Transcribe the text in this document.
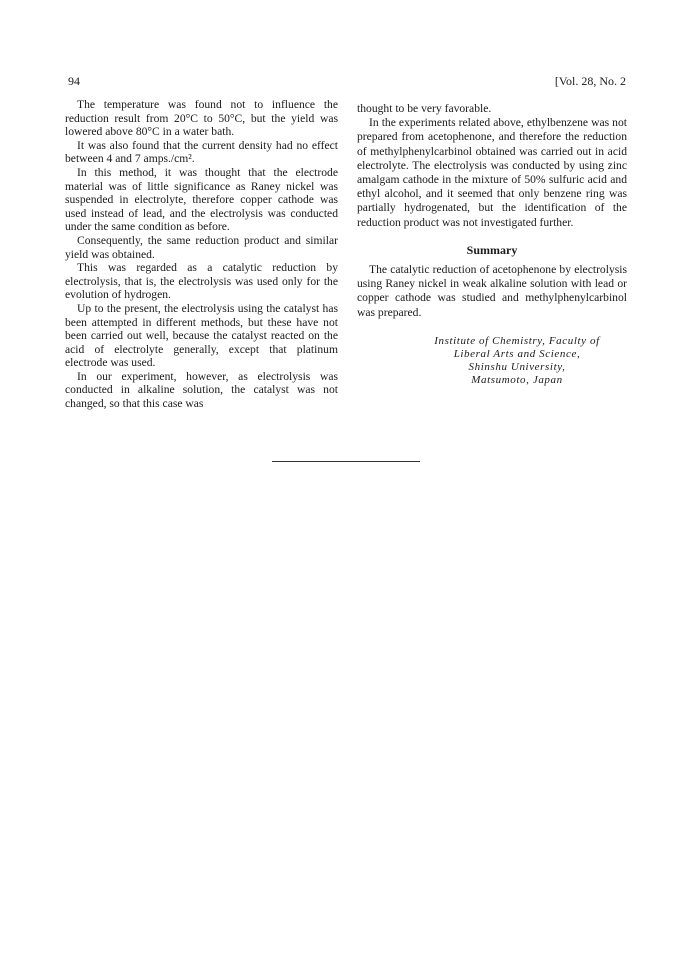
94	[Vol. 28, No. 2

The temperature was found not to influence the reduction result from 20°C to 50°C, but the yield was lowered above 80°C in a water bath.

It was also found that the current density had no effect between 4 and 7 amps./cm².

In this method, it was thought that the electrode material was of little significance as Raney nickel was suspended in electrolyte, therefore copper cathode was used instead of lead, and the electrolysis was conducted under the same condition as before.

Consequently, the same reduction product and similar yield was obtained.

This was regarded as a catalytic reduction by electrolysis, that is, the electrolysis was used only for the evolution of hydrogen.

Up to the present, the electrolysis using the catalyst has been attempted in different methods, but these have not been carried out well, because the catalyst reacted on the acid of electrolyte generally, except that platinum electrode was used.

In our experiment, however, as electrolysis was conducted in alkaline solution, the catalyst was not changed, so that this case was

thought to be very favorable.

In the experiments related above, ethylbenzene was not prepared from acetophenone, and therefore the reduction of methylphenylcarbinol obtained was carried out in acid electrolyte. The electrolysis was conducted by using zinc amalgam cathode in the mixture of 50% sulfuric acid and ethyl alcohol, and it seemed that only benzene ring was partially hydrogenated, but the identification of the reduction product was not investigated further.

Summary

The catalytic reduction of acetophenone by electrolysis using Raney nickel in weak alkaline solution with lead or copper cathode was studied and methylphenylcarbinol was prepared.

Institute of Chemistry, Faculty of
Liberal Arts and Science,
Shinshu University,
Matsumoto, Japan
